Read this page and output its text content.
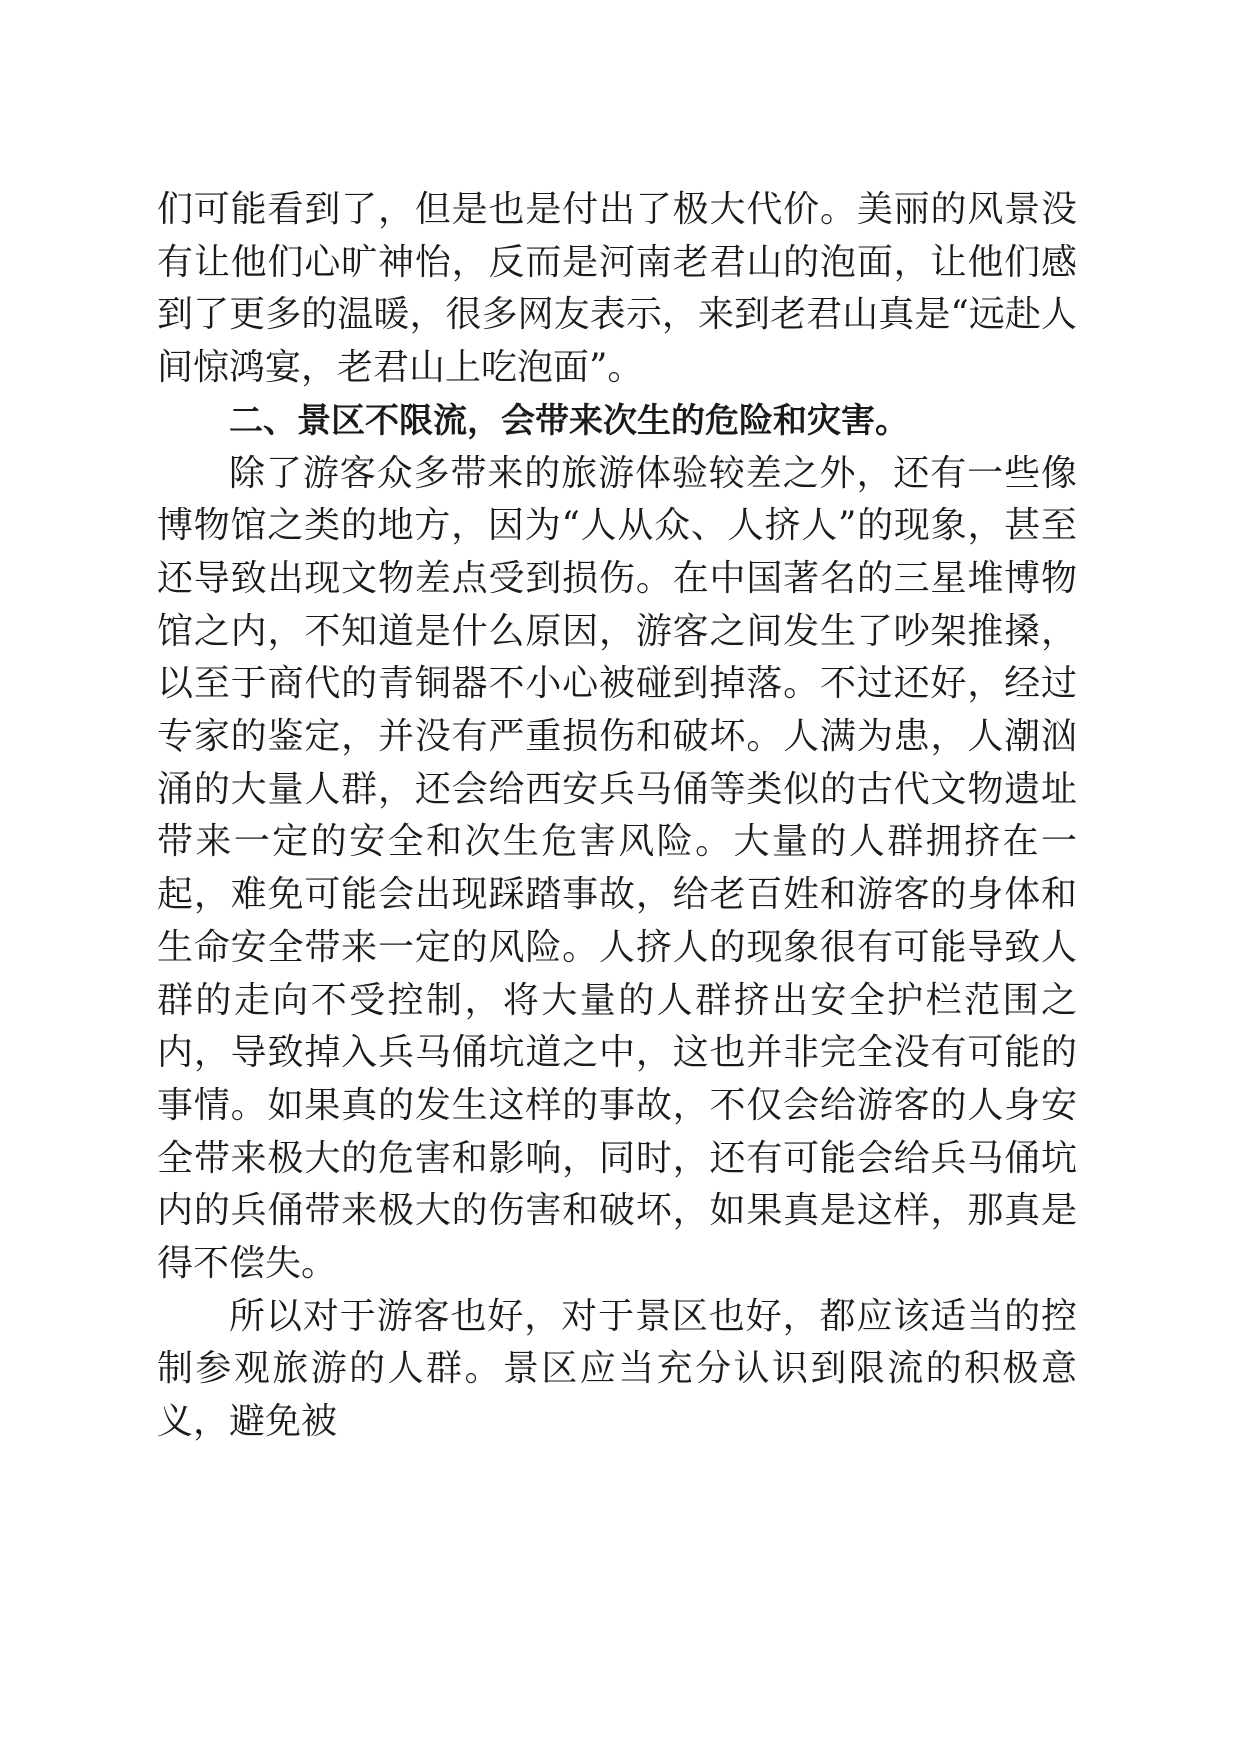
们可能看到了，但是也是付出了极大代价。美丽的风景没有让他们心旷神怡，反而是河南老君山的泡面，让他们感到了更多的温暖，很多网友表示，来到老君山真是“远赴人间惊鸿宴，老君山上吃泡面”。

二、景区不限流，会带来次生的危险和灾害。

除了游客众多带来的旅游体验较差之外，还有一些像博物馆之类的地方，因为“人从众、人挤人”的现象，甚至还导致出现文物差点受到损伤。在中国著名的三星堆博物馆之内，不知道是什么原因，游客之间发生了吵架推搡，以至于商代的青铜器不小心被碰到掉落。不过还好，经过专家的鉴定，并没有严重损伤和破坏。人满为患，人潮汹涌的大量人群，还会给西安兵马俑等类似的古代文物遗址带来一定的安全和次生危害风险。大量的人群拥挤在一起，难免可能会出现踩踏事故，给老百姓和游客的身体和生命安全带来一定的风险。人挤人的现象很有可能导致人群的走向不受控制，将大量的人群挤出安全护栏范围之内，导致掉入兵马俑坑道之中，这也并非完全没有可能的事情。如果真的发生这样的事故，不仅会给游客的人身安全带来极大的危害和影响，同时，还有可能会给兵马俑坑内的兵俑带来极大的伤害和破坏，如果真是这样，那真是得不偿失。

所以对于游客也好，对于景区也好，都应该适当的控制参观旅游的人群。景区应当充分认识到限流的积极意义，避免被
